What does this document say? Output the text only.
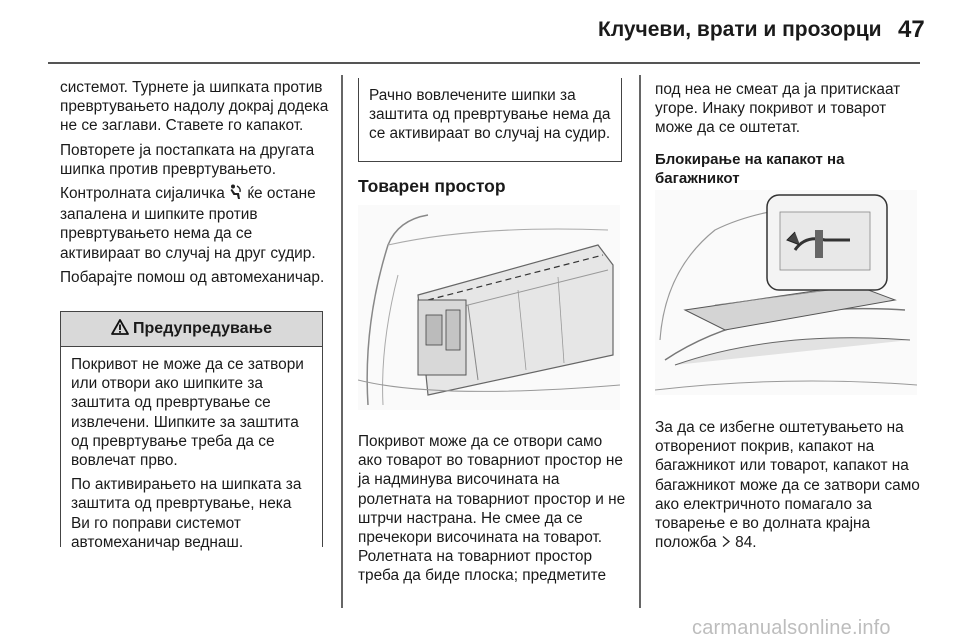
Клучеви, врати и прозорци 47

системот. Турнете ја шипката против превртувањето надолу докрај додека не се заглави. Ставете го капакот.

Повторете ја постапката на другата шипка против превртувањето.

Контролната сијаличка  ќе остане запалена и шипките против превртувањето нема да се активираат во случај на друг судир.

Побарајте помош од автомеханичар.

Предупредување

Покривот не може да се затвори или отвори ако шипките за заштита од превртување се извлечени. Шипките за заштита од превртување треба да се вовлечат прво.

По активирањето на шипката за заштита од превртување, нека Ви го поправи системот автомеханичар веднаш.

Рачно вовлечените шипки за заштита од превртување нема да се активираат во случај на судир.
Товарен простор

Покривот може да се отвори само ако товарот во товарниот простор не ја надминува височината на ролетната на товарниот простор и не штрчи настрана. Не смее да се пречекори височината на товарот. Ролетната на товарниот простор треба да биде плоска; предметите

под неа не смеат да ја притискаат угоре. Инаку покривот и товарот може да се оштетат.

Блокирање на капакот на багажникот

За да се избегне оштетувањето на отворениот покрив, капакот на багажникот или товарот, капакот на багажникот може да се затвори само ако електричното помагало за товарење е во долната крајна положба  84.

carmanualsonline.info
